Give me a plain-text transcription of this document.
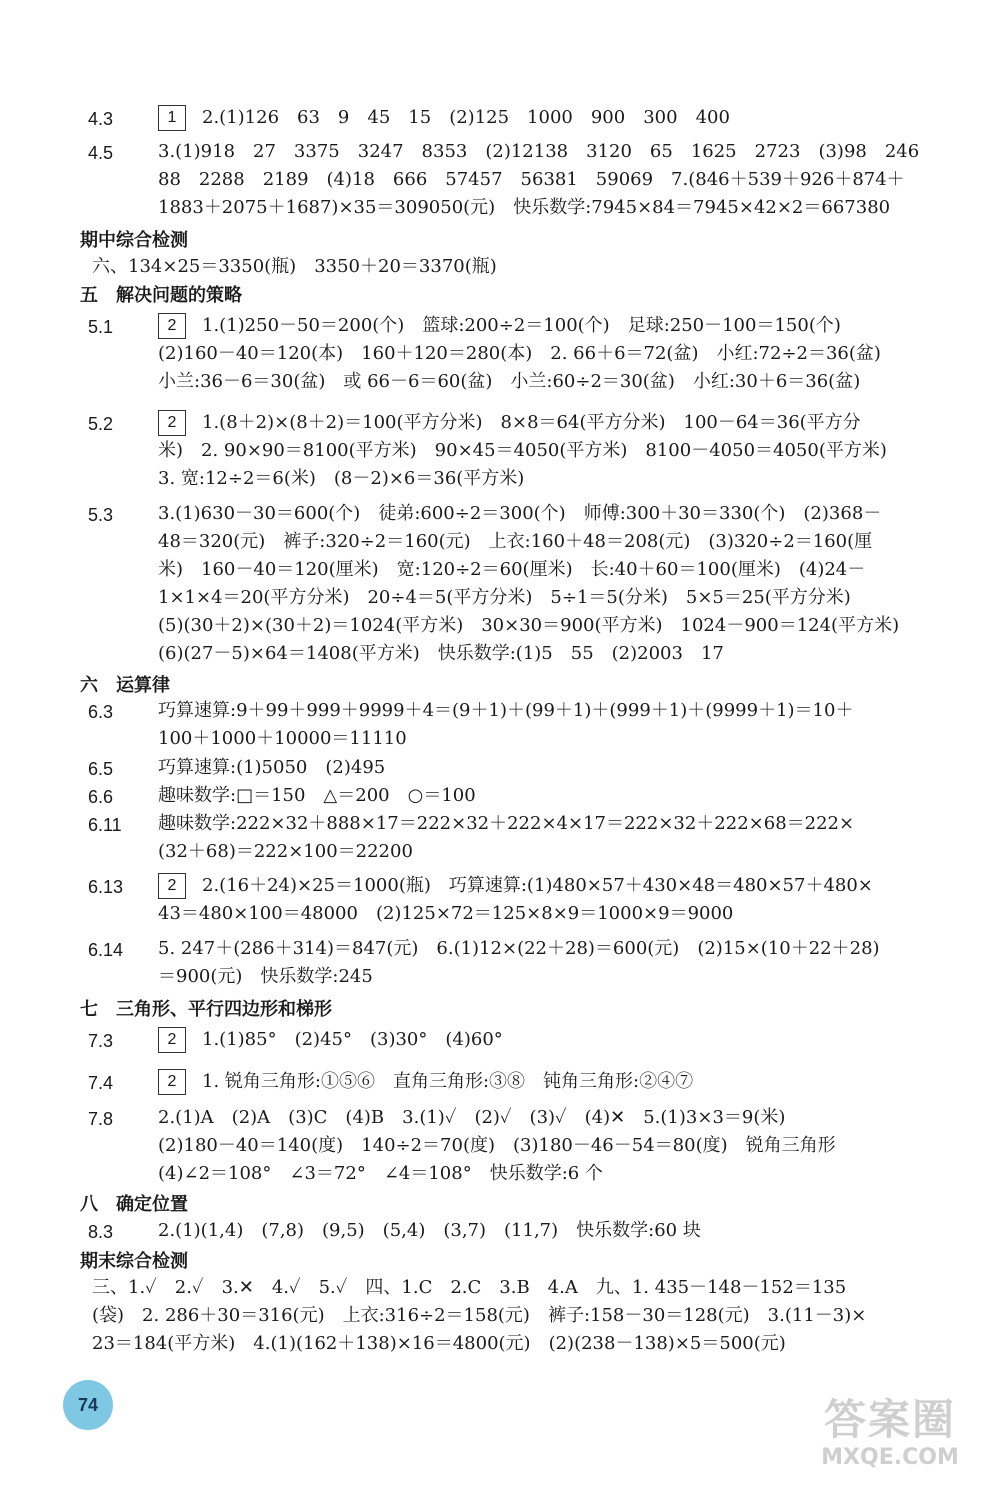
4.3	1 2.(1)126　63　9　45　15　(2)125　1000　900　300　400
4.5	3.(1)918　27　3375　3247　8353　(2)12138　3120　65　1625　2723　(3)98　246
88　2288　2189　(4)18　666　57457　56381　59069　7.(846＋539＋926＋874＋
1883＋2075＋1687)×35＝309050(元)　快乐数学:7945×84＝7945×42×2＝667380
期中综合检测
六、134×25＝3350(瓶)　3350＋20＝3370(瓶)
五　解决问题的策略
5.1	2 1.(1)250－50＝200(个)　篮球:200÷2＝100(个)　足球:250－100＝150(个)
(2)160－40＝120(本)　160＋120＝280(本)　2. 66＋6＝72(盆)　小红:72÷2＝36(盆)
小兰:36－6＝30(盆)　或 66－6＝60(盆)　小兰:60÷2＝30(盆)　小红:30＋6＝36(盆)
5.2	2 1.(8＋2)×(8＋2)＝100(平方分米)　8×8＝64(平方分米)　100－64＝36(平方分
米)　2. 90×90＝8100(平方米)　90×45＝4050(平方米)　8100－4050＝4050(平方米)
3. 宽:12÷2＝6(米)　(8－2)×6＝36(平方米)
5.3	3.(1)630－30＝600(个)　徒弟:600÷2＝300(个)　师傅:300＋30＝330(个)　(2)368－
48＝320(元)　裤子:320÷2＝160(元)　上衣:160＋48＝208(元)　(3)320÷2＝160(厘
米)　160－40＝120(厘米)　宽:120÷2＝60(厘米)　长:40＋60＝100(厘米)　(4)24－
1×1×4＝20(平方分米)　20÷4＝5(平方分米)　5÷1＝5(分米)　5×5＝25(平方分米)
(5)(30＋2)×(30＋2)＝1024(平方米)　30×30＝900(平方米)　1024－900＝124(平方米)
(6)(27－5)×64＝1408(平方米)　快乐数学:(1)5　55　(2)2003　17
六　运算律
6.3	巧算速算:9＋99＋999＋9999＋4＝(9＋1)＋(99＋1)＋(999＋1)＋(9999＋1)＝10＋
100＋1000＋10000＝11110
6.5	巧算速算:(1)5050　(2)495
6.6	趣味数学:□＝150　△＝200　○＝100
6.11	趣味数学:222×32＋888×17＝222×32＋222×4×17＝222×32＋222×68＝222×
(32＋68)＝222×100＝22200
6.13	2 2.(16＋24)×25＝1000(瓶)　巧算速算:(1)480×57＋430×48＝480×57＋480×
43＝480×100＝48000　(2)125×72＝125×8×9＝1000×9＝9000
6.14	5. 247＋(286＋314)＝847(元)　6.(1)12×(22＋28)＝600(元)　(2)15×(10＋22＋28)
＝900(元)　快乐数学:245
七　三角形、平行四边形和梯形
7.3	2 1.(1)85°　(2)45°　(3)30°　(4)60°
7.4	2 1. 锐角三角形:①⑤⑥　直角三角形:③⑧　钝角三角形:②④⑦
7.8	2.(1)A　(2)A　(3)C　(4)B　3.(1)✓　(2)✓　(3)✓　(4)✕　5.(1)3×3＝9(米)
(2)180－40＝140(度)　140÷2＝70(度)　(3)180－46－54＝80(度)　锐角三角形
(4)∠2＝108°　∠3＝72°　∠4＝108°　快乐数学:6 个
八　确定位置
8.3	2.(1)(1,4)　(7,8)　(9,5)　(5,4)　(3,7)　(11,7)　快乐数学:60 块
期末综合检测
三、1.✓　2.✓　3.✕　4.✓　5.✓　四、1.C　2.C　3.B　4.A　九、1. 435－148－152＝135
(袋)　2. 286＋30＝316(元)　上衣:316÷2＝158(元)　裤子:158－30＝128(元)　3.(11－3)×
23＝184(平方米)　4.(1)(162＋138)×16＝4800(元)　(2)(238－138)×5＝500(元)
74	答案圈
MXQE.COM
